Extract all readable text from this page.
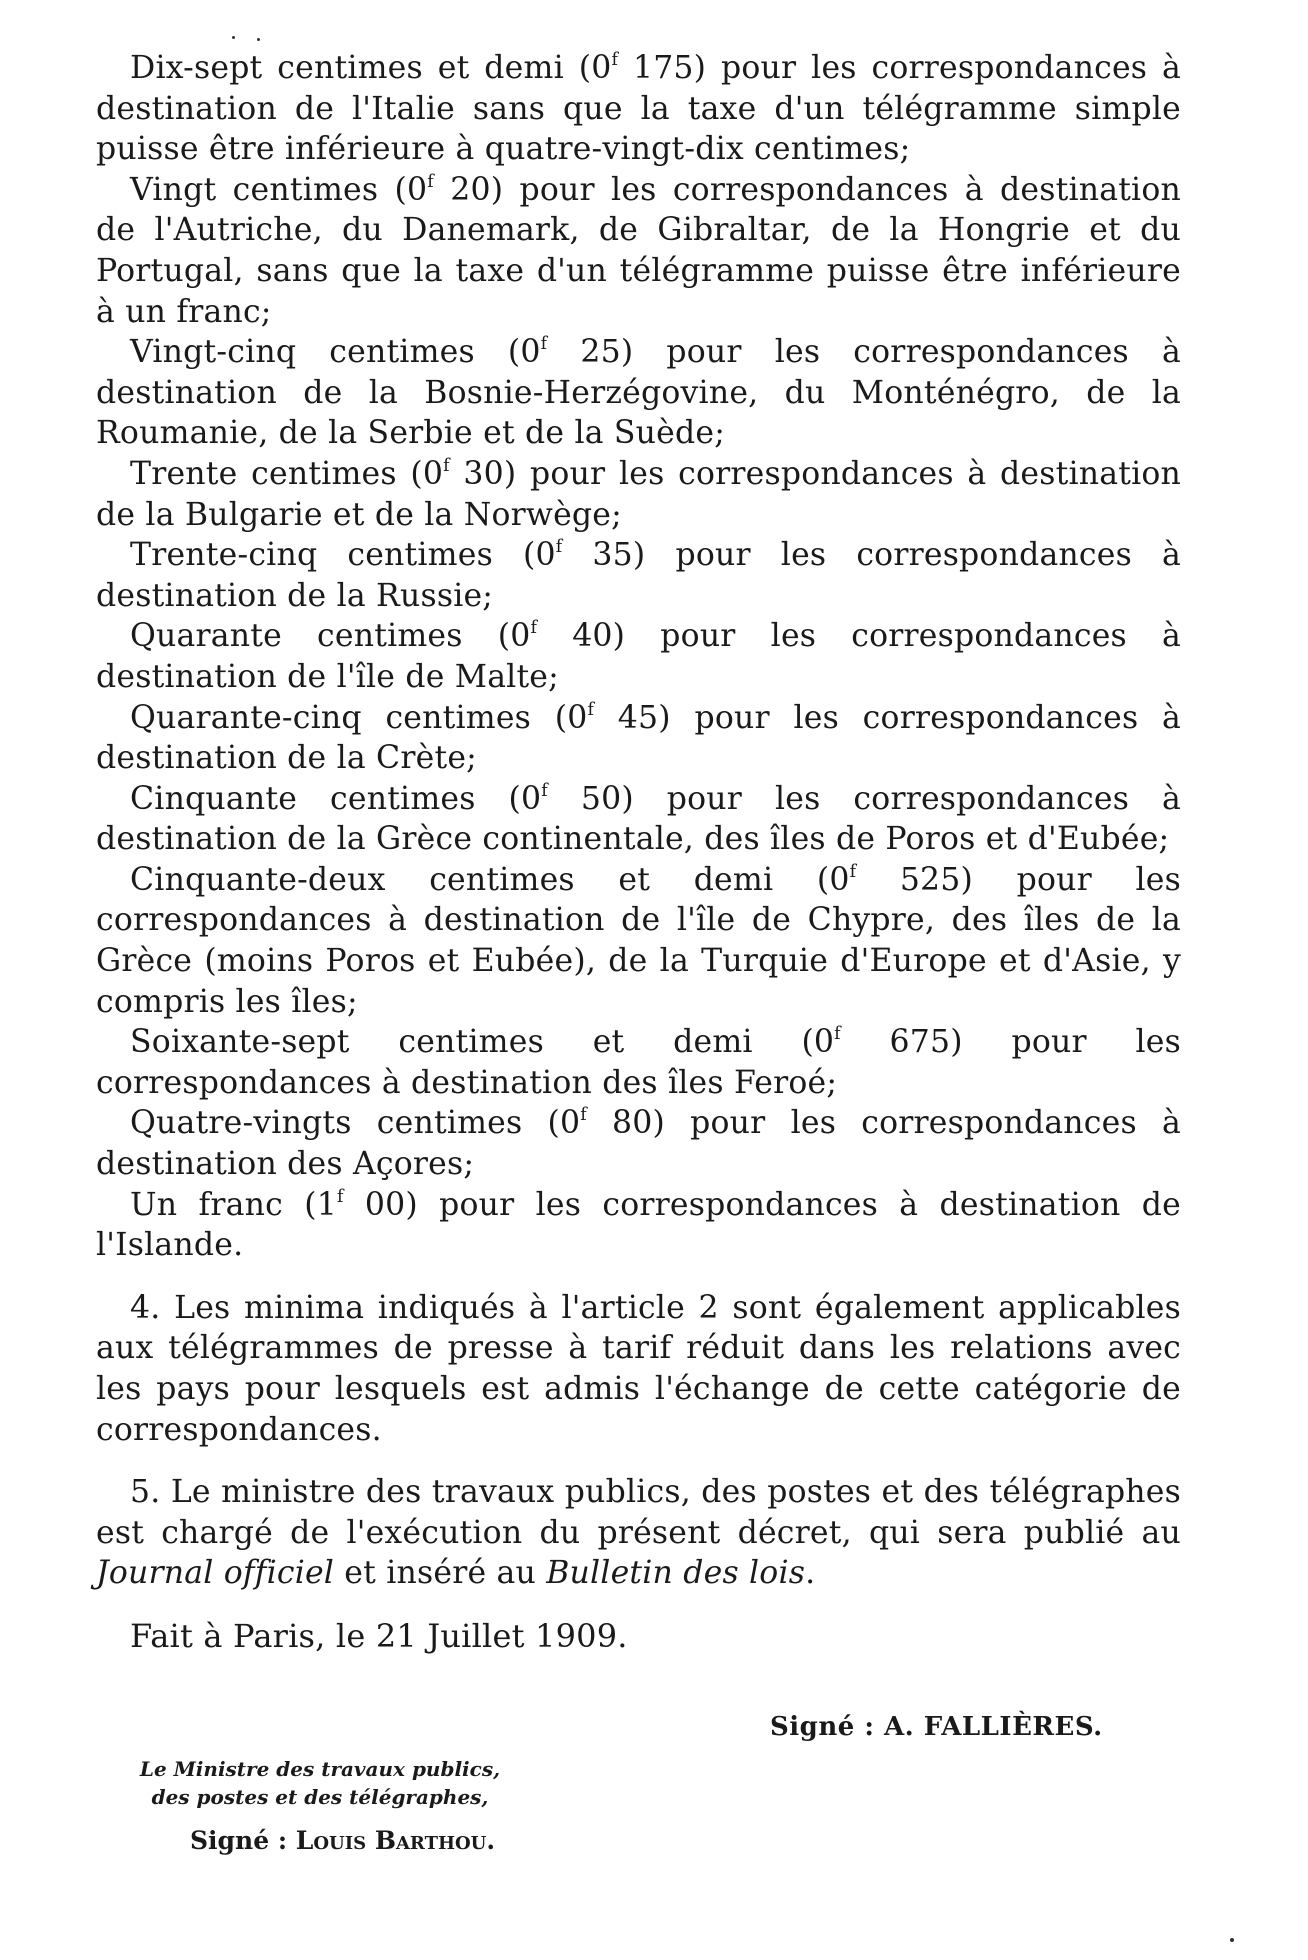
Dix-sept centimes et demi (0$^f$ 175) pour les correspondances à destination de l'Italie sans que la taxe d'un télégramme simple puisse être inférieure à quatre-vingt-dix centimes;

Vingt centimes (0$^f$ 20) pour les correspondances à destination de l'Autriche, du Danemark, de Gibraltar, de la Hongrie et du Portugal, sans que la taxe d'un télégramme puisse être inférieure à un franc;

Vingt-cinq centimes (0$^f$ 25) pour les correspondances à destination de la Bosnie-Herzégovine, du Monténégro, de la Roumanie, de la Serbie et de la Suède;

Trente centimes (0$^f$ 30) pour les correspondances à destination de la Bulgarie et de la Norwège;

Trente-cinq centimes (0$^f$ 35) pour les correspondances à destination de la Russie;

Quarante centimes (0$^f$ 40) pour les correspondances à destination de l'île de Malte;

Quarante-cinq centimes (0$^f$ 45) pour les correspondances à destination de la Crète;

Cinquante centimes (0$^f$ 50) pour les correspondances à destination de la Grèce continentale, des îles de Poros et d'Eubée;

Cinquante-deux centimes et demi (0$^f$ 525) pour les correspondances à destination de l'île de Chypre, des îles de la Grèce (moins Poros et Eubée), de la Turquie d'Europe et d'Asie, y compris les îles;

Soixante-sept centimes et demi (0$^f$ 675) pour les correspondances à destination des îles Feroé;

Quatre-vingts centimes (0$^f$ 80) pour les correspondances à destination des Açores;

Un franc (1$^f$ 00) pour les correspondances à destination de l'Islande.

4. Les minima indiqués à l'article 2 sont également applicables aux télégrammes de presse à tarif réduit dans les relations avec les pays pour lesquels est admis l'échange de cette catégorie de correspondances.

5. Le ministre des travaux publics, des postes et des télégraphes est chargé de l'exécution du présent décret, qui sera publié au Journal officiel et inséré au Bulletin des lois.

Fait à Paris, le 21 Juillet 1909.

Signé : A. FALLIÈRES.
Le Ministre des travaux publics,
des postes et des télégraphes,
Signé : Louis Barthou.
